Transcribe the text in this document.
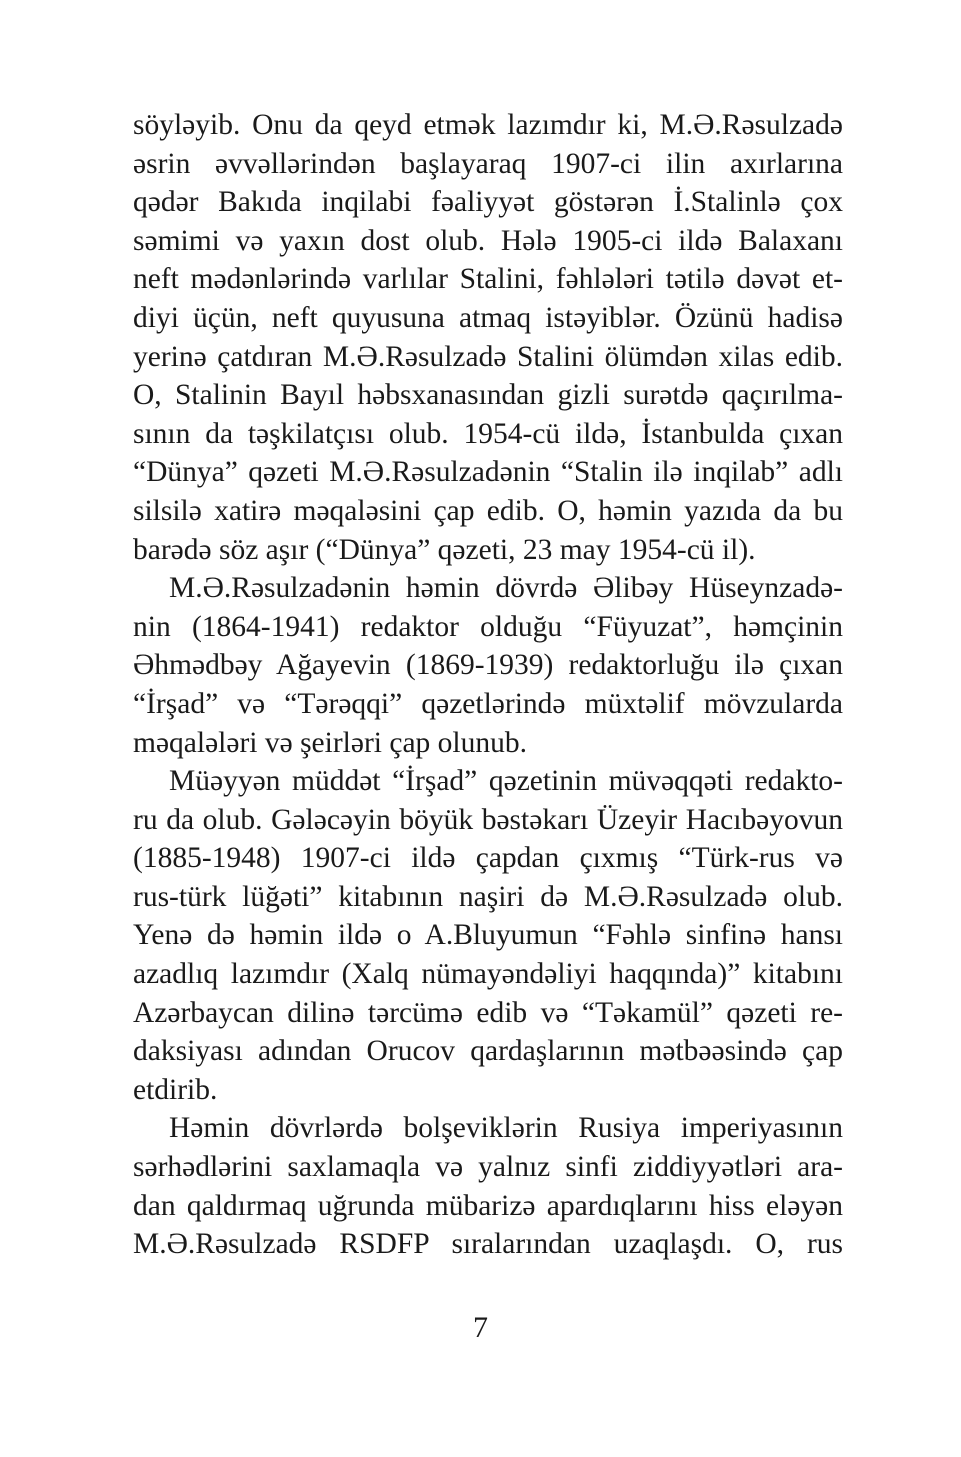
söyləyib. Onu da qeyd etmək lazımdır ki, M.Ə.Rəsulzadə
əsrin əvvəllərindən başlayaraq 1907-ci ilin axırlarına
qədər Bakıda inqilabi fəaliyyət göstərən İ.Stalinlə çox
səmimi və yaxın dost olub. Hələ 1905-ci ildə Balaxanı
neft mədənlərində varlılar Stalini, fəhlələri tətilə dəvət et-
diyi üçün, neft quyusuna atmaq istəyiblər. Özünü hadisə
yerinə çatdıran M.Ə.Rəsulzadə Stalini ölümdən xilas edib.
O, Stalinin Bayıl həbsxanasından gizli surətdə qaçırılma-
sının da təşkilatçısı olub. 1954-cü ildə, İstanbulda çıxan
“Dünya” qəzeti M.Ə.Rəsulzadənin “Stalin ilə inqilab” adlı
silsilə xatirə məqaləsini çap edib. O, həmin yazıda da bu
barədə söz aşır (“Dünya” qəzeti, 23 may 1954-cü il).
M.Ə.Rəsulzadənin həmin dövrdə Əlibəy Hüseynzadə-
nin (1864-1941) redaktor olduğu “Füyuzat”, həmçinin
Əhmədbəy Ağayevin (1869-1939) redaktorluğu ilə çıxan
“İrşad” və “Tərəqqi” qəzetlərində müxtəlif mövzularda
məqalələri və şeirləri çap olunub.
Müəyyən müddət “İrşad” qəzetinin müvəqqəti redakto-
ru da olub. Gələcəyin böyük bəstəkarı Üzeyir Hacıbəyovun
(1885-1948) 1907-ci ildə çapdan çıxmış “Türk-rus və
rus-türk lüğəti” kitabının naşiri də M.Ə.Rəsulzadə olub.
Yenə də həmin ildə o A.Bluyumun “Fəhlə sinfinə hansı
azadlıq lazımdır (Xalq nümayəndəliyi haqqında)” kitabını
Azərbaycan dilinə tərcümə edib və “Təkamül” qəzeti re-
daksiyası adından Orucov qardaşlarının mətbəəsində çap
etdirib.
Həmin dövrlərdə bolşeviklərin Rusiya imperiyasının
sərhədlərini saxlamaqla və yalnız sinfi ziddiyyətləri ara-
dan qaldırmaq uğrunda mübarizə apardıqlarını hiss eləyən
M.Ə.Rəsulzadə RSDFP sıralarından uzaqlaşdı. O, rus
7
